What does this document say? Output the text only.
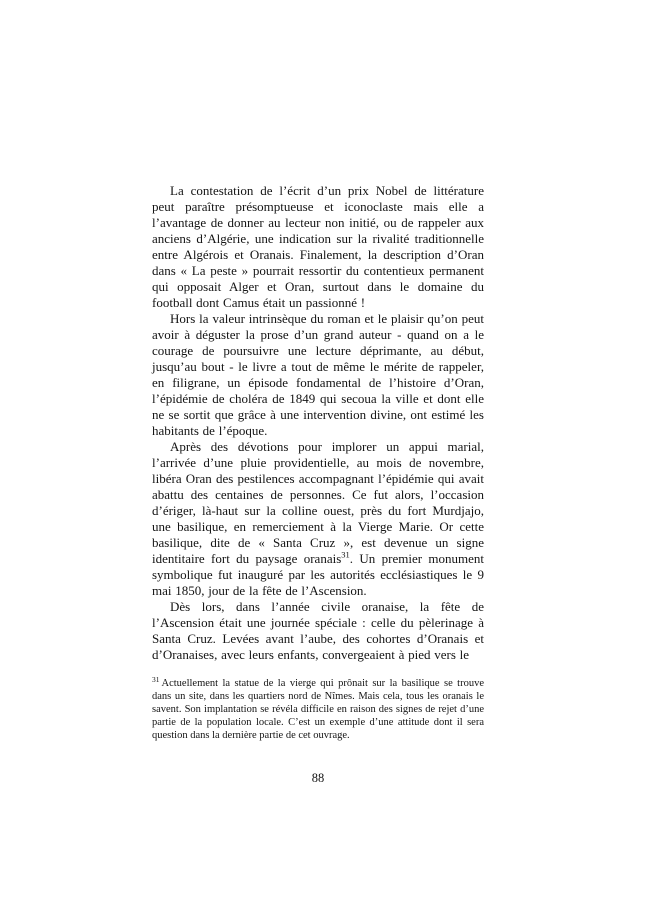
La contestation de l’écrit d’un prix Nobel de littérature peut paraître présomptueuse et iconoclaste mais elle a l’avantage de donner au lecteur non initié, ou de rappeler aux anciens d’Algérie, une indication sur la rivalité traditionnelle entre Algérois et Oranais. Finalement, la description d’Oran dans « La peste » pourrait ressortir du contentieux permanent qui opposait Alger et Oran, surtout dans le domaine du football dont Camus était un passionné !

Hors la valeur intrinsèque du roman et le plaisir qu’on peut avoir à déguster la prose d’un grand auteur - quand on a le courage de poursuivre une lecture déprimante, au début, jusqu’au bout - le livre a tout de même le mérite de rappeler, en filigrane, un épisode fondamental de l’histoire d’Oran, l’épidémie de choléra de 1849 qui secoua la ville et dont elle ne se sortit que grâce à une intervention divine, ont estimé les habitants de l’époque.

Après des dévotions pour implorer un appui marial, l’arrivée d’une pluie providentielle, au mois de novembre, libéra Oran des pestilences accompagnant l’épidémie qui avait abattu des centaines de personnes. Ce fut alors, l’occasion d’ériger, là-haut sur la colline ouest, près du fort Murdjajo, une basilique, en remerciement à la Vierge Marie. Or cette basilique, dite de « Santa Cruz », est devenue un signe identitaire fort du paysage oranais$^{31}$. Un premier monument symbolique fut inauguré par les autorités ecclésiastiques le 9 mai 1850, jour de la fête de l’Ascension.

Dès lors, dans l’année civile oranaise, la fête de l’Ascension était une journée spéciale : celle du pèlerinage à Santa Cruz. Levées avant l’aube, des cohortes d’Oranais et d’Oranaises, avec leurs enfants, convergeaient à pied vers le

$^{31}$ Actuellement la statue de la vierge qui prônait sur la basilique se trouve dans un site, dans les quartiers nord de Nîmes. Mais cela, tous les oranais le savent. Son implantation se révéla difficile en raison des signes de rejet d’une partie de la population locale. C’est un exemple d’une attitude dont il sera question dans la dernière partie de cet ouvrage.
88
